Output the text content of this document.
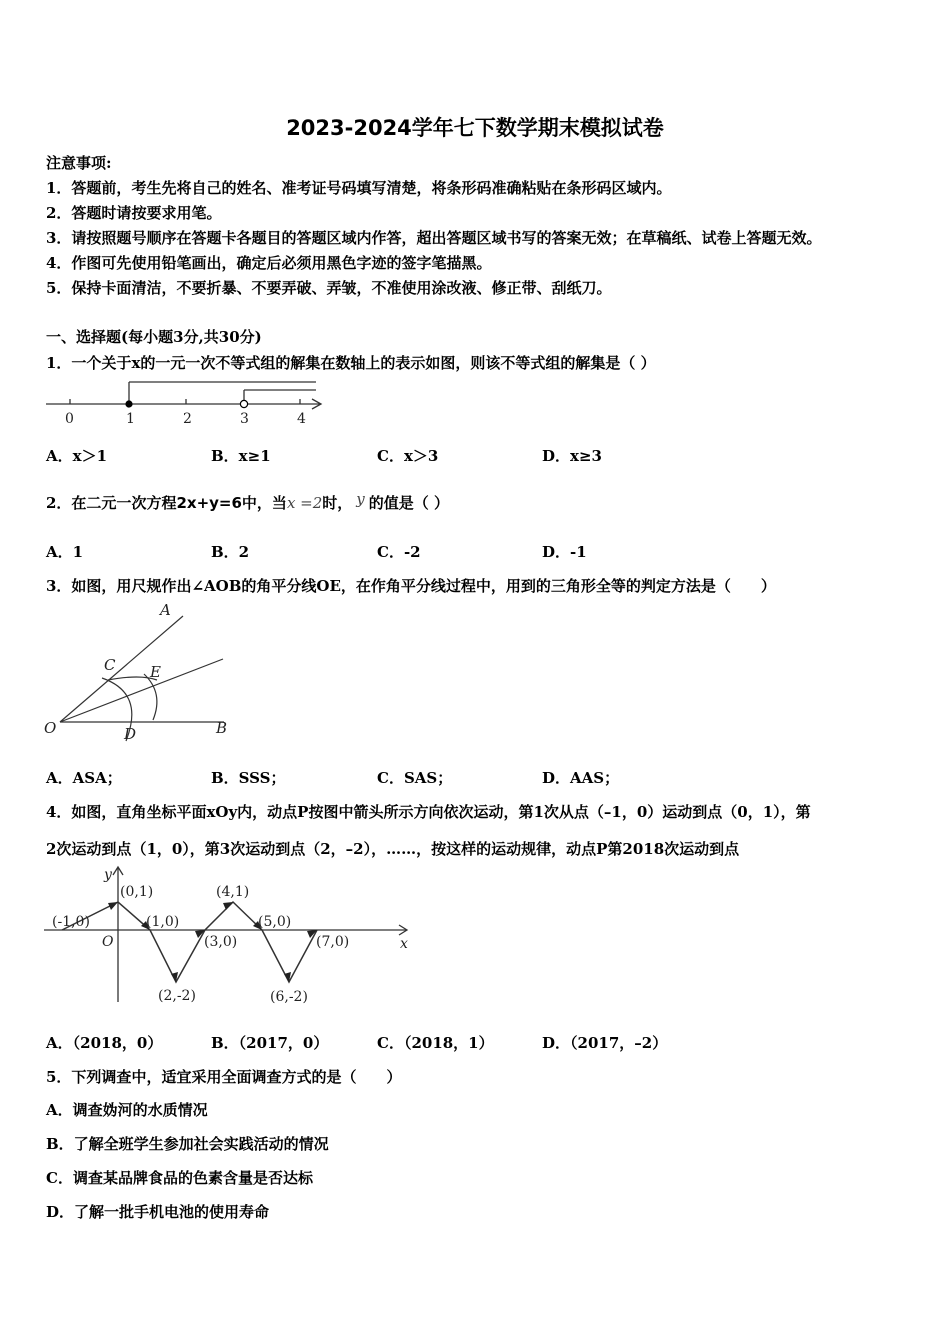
2023-2024学年七下数学期末模拟试卷
注意事项:
1．答题前，考生先将自己的姓名、准考证号码填写清楚，将条形码准确粘贴在条形码区域内。
2．答题时请按要求用笔。
3．请按照题号顺序在答题卡各题目的答题区域内作答，超出答题区域书写的答案无效；在草稿纸、试卷上答题无效。
4．作图可先使用铅笔画出，确定后必须用黑色字迹的签字笔描黑。
5．保持卡面清洁，不要折暴、不要弄破、弄皱，不准使用涂改液、修正带、刮纸刀。
一、选择题(每小题3分,共30分)
1．一个关于x的一元一次不等式组的解集在数轴上的表示如图，则该不等式组的解集是（ ）
0	1	2	3	4
A．x＞1	B．x≥1	C．x＞3	D．x≥3
2．在二元一次方程2x+y=6中，当x =2时， y 的值是（ ）
A．1	B．2	C．-2	D．-1
3．如图，用尺规作出∠AOB的角平分线OE，在作角平分线过程中，用到的三角形全等的判定方法是（　　）
A
C E
O	D	B
A．ASA；	B．SSS；	C．SAS；	D．AAS；
4．如图，直角坐标平面xOy内，动点P按图中箭头所示方向依次运动，第1次从点（–1，0）运动到点（0，1），第
2次运动到点（1，0），第3次运动到点（2，–2），……，按这样的运动规律，动点P第2018次运动到点
y
x
O
(-1,0)
(0,1)
(1,0)
(2,-2)
(3,0)
(4,1)
(5,0)
(6,-2)
(7,0)
A．（2018，0）	B．（2017，0）	C．（2018，1）	D．（2017，–2）
5．下列调查中，适宜采用全面调查方式的是（　　）
A．调查妫河的水质情况
B．了解全班学生参加社会实践活动的情况
C．调查某品牌食品的色素含量是否达标
D．了解一批手机电池的使用寿命
